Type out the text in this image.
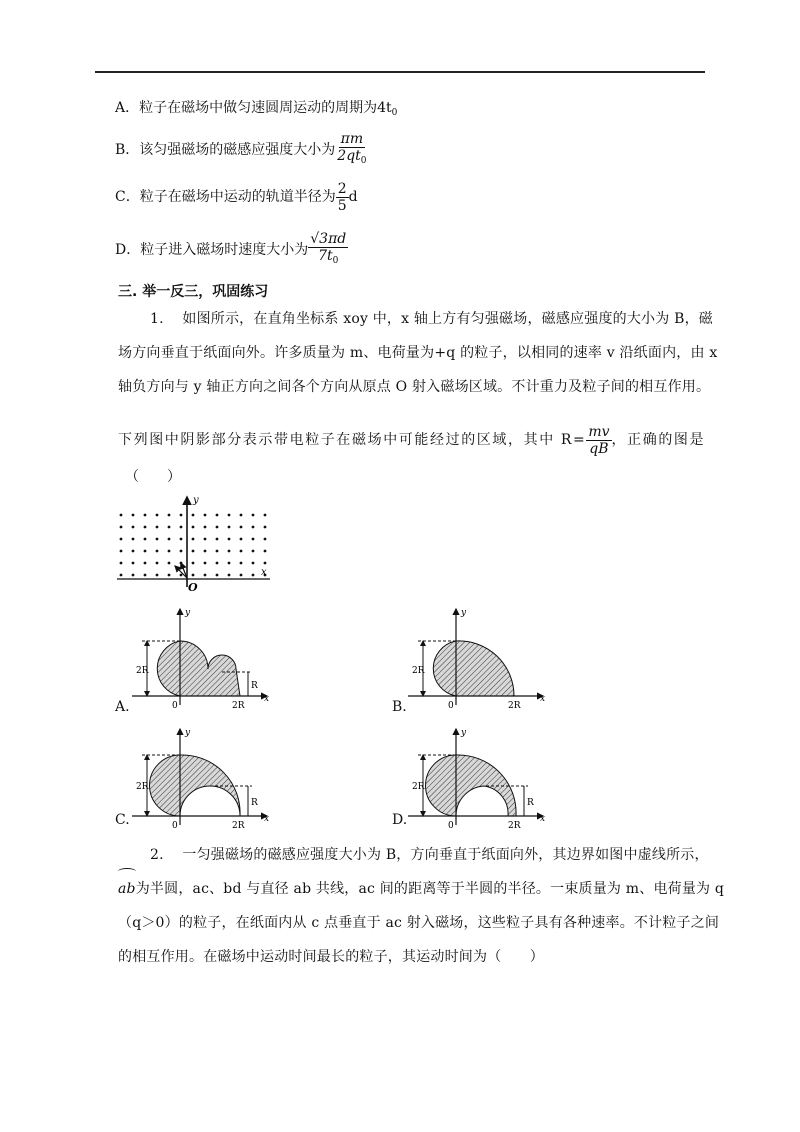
A．粒子在磁场中做匀速圆周运动的周期为$4t_0$
B．该匀强磁场的磁感应强度大小为 $\frac{\pi m}{2qt_0}$
C．粒子在磁场中运动的轨道半径为 $\frac{2}{5}$ d
D．粒子进入磁场时速度大小为 $\frac{√3\pi d}{7t_0}$
三. 举一反三，巩固练习
1. 如图所示，在直角坐标系 xoy 中，x 轴上方有匀强磁场，磁感应强度的大小为 B，磁
场方向垂直于纸面向外。许多质量为 m、电荷量为+q 的粒子，以相同的速率 v 沿纸面内，由 x
轴负方向与 y 轴正方向之间各个方向从原点 O 射入磁场区域。不计重力及粒子间的相互作用。
下列图中阴影部分表示带电粒子在磁场中可能经过的区域，其中 $R= \frac{mv}{qB}$ ，正确的图是
（　　）
y
x
O
y
x
0
2R
R
2R
A.
y
x
0
2R
2R
B.
y
x
0
2R
R
2R
C.
y
x
0
2R
R
2R
D.
2. 一匀强磁场的磁感应强度大小为 B，方向垂直于纸面向外，其边界如图中虚线所示，
ab为半圆，ac、bd 与直径 ab 共线，ac 间的距离等于半圆的半径。一束质量为 m、电荷量为 q
（q＞0）的粒子，在纸面内从 c 点垂直于 ac 射入磁场，这些粒子具有各种速率。不计粒子之间
的相互作用。在磁场中运动时间最长的粒子，其运动时间为（　　）
